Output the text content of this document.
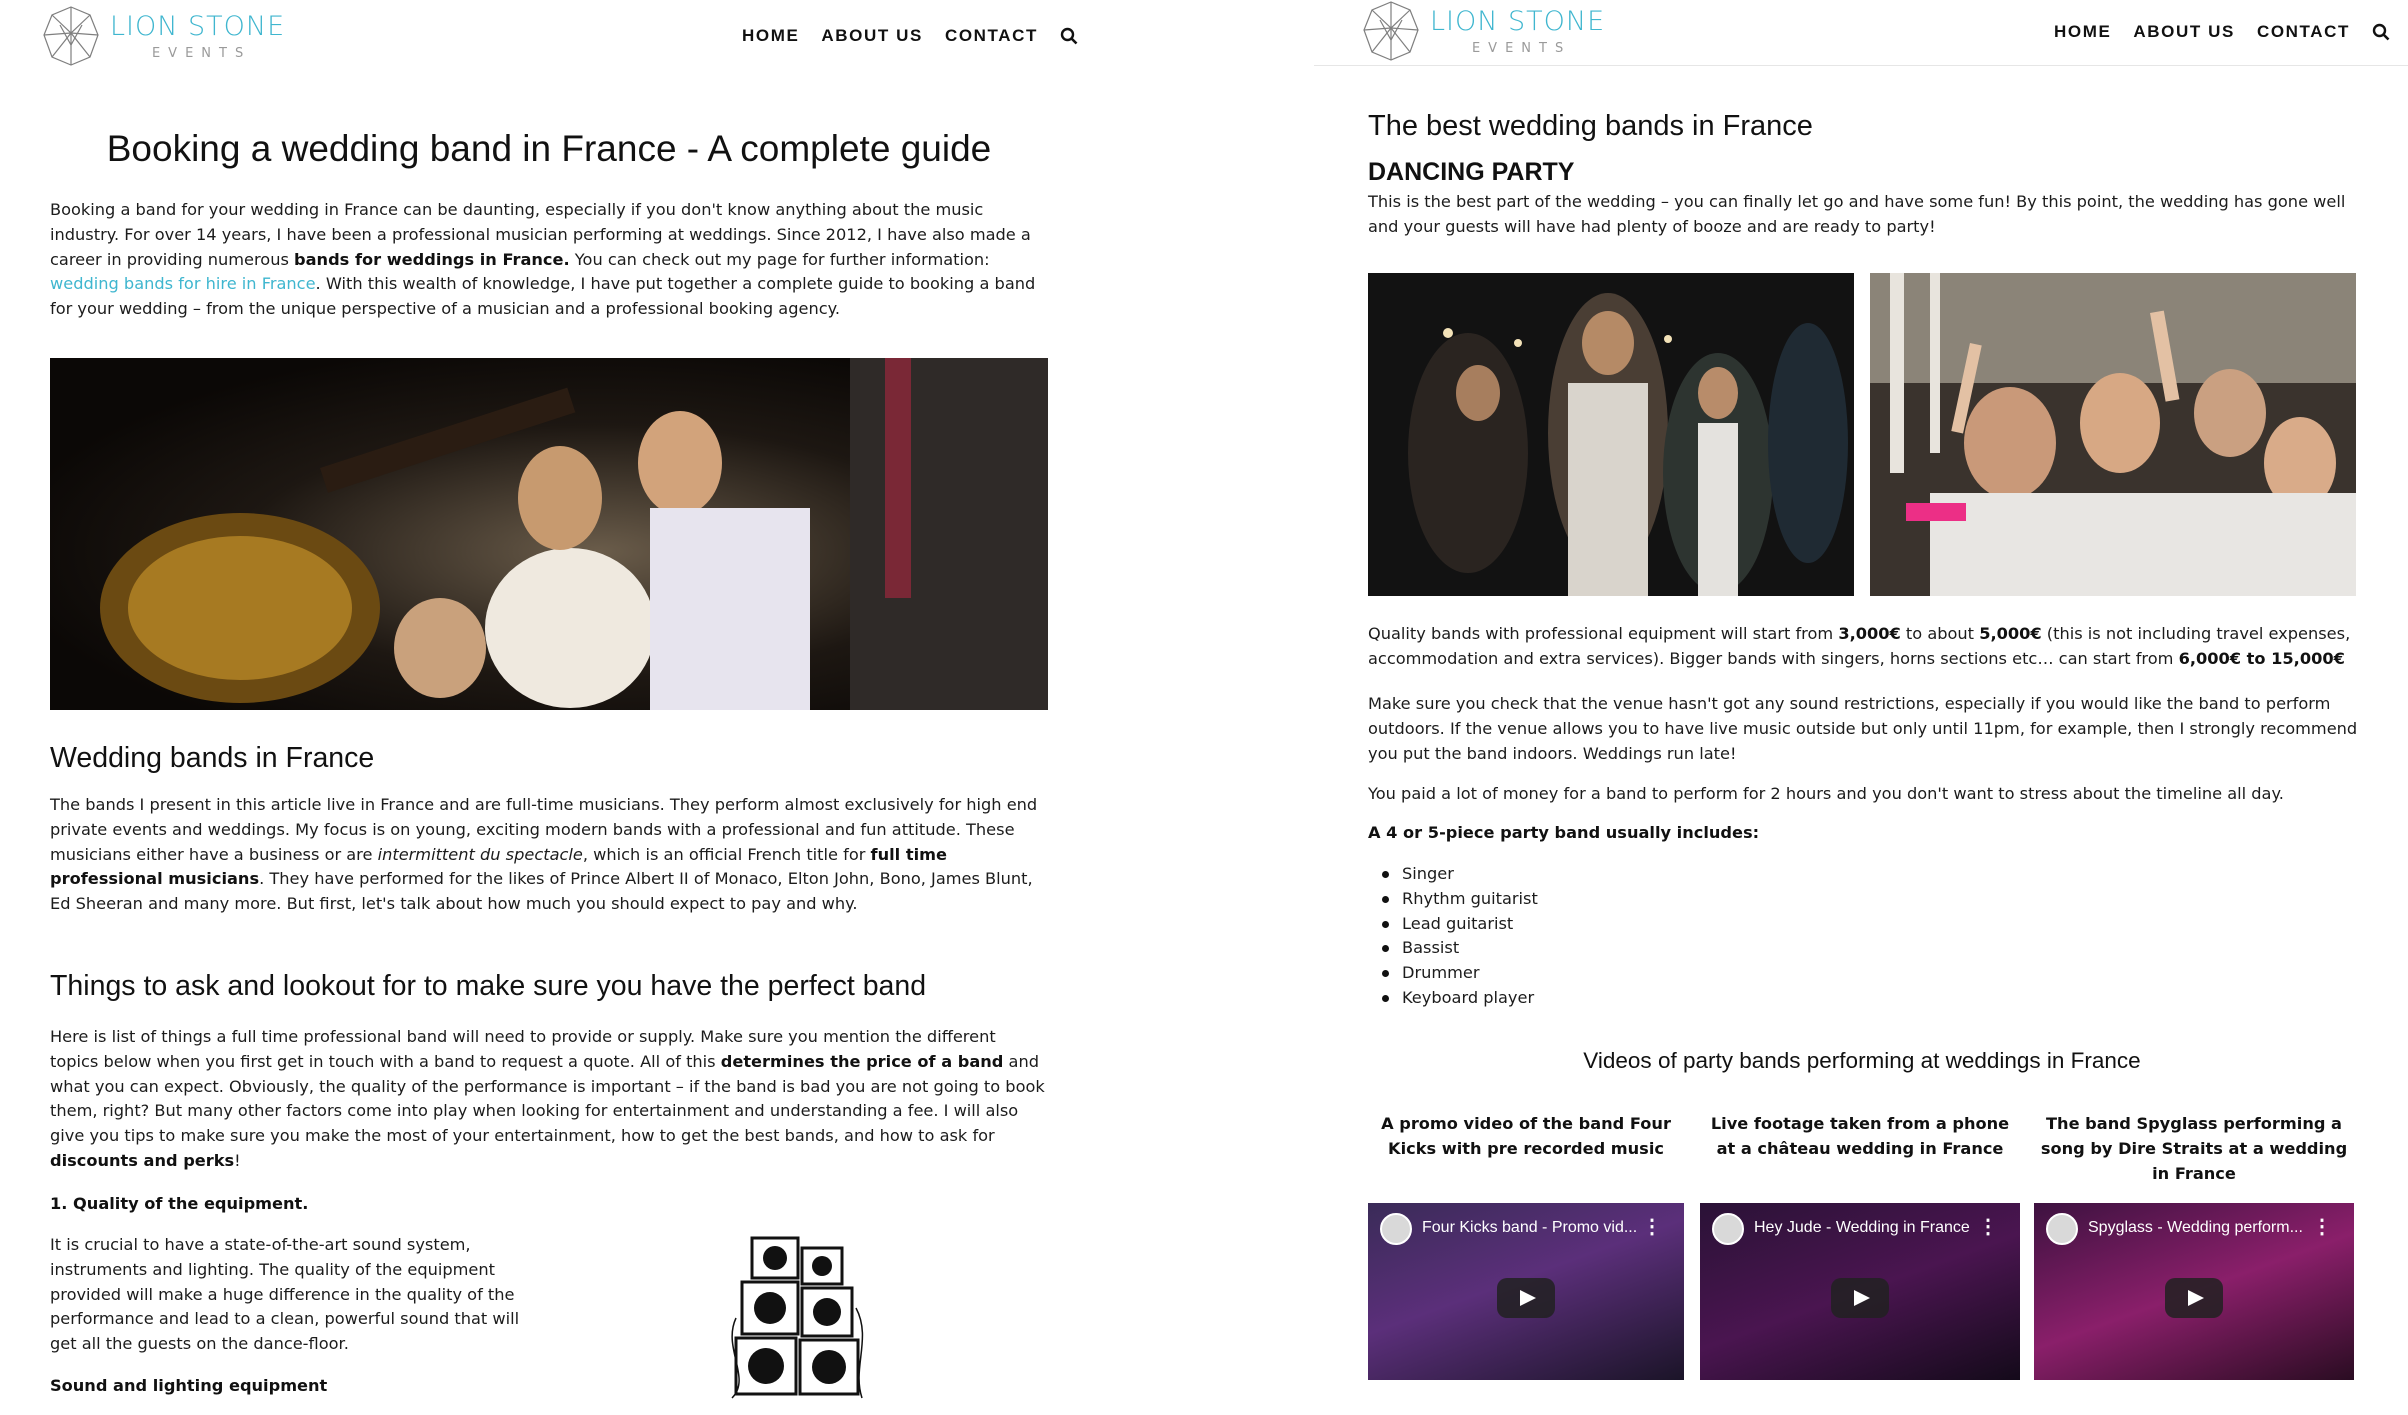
LION STONE
EVENTS
HOME ABOUT US CONTACT
Booking a wedding band in France - A complete guide

Booking a band for your wedding in France can be daunting, especially if you don't know anything about the music industry. For over 14 years, I have been a professional musician performing at weddings. Since 2012, I have also made a career in providing numerous bands for weddings in France. You can check out my page for further information: wedding bands for hire in France. With this wealth of knowledge, I have put together a complete guide to booking a band for your wedding – from the unique perspective of a musician and a professional booking agency.

Wedding bands in France

The bands I present in this article live in France and are full-time musicians. They perform almost exclusively for high end private events and weddings. My focus is on young, exciting modern bands with a professional and fun attitude. These musicians either have a business or are intermittent du spectacle, which is an official French title for full time professional musicians. They have performed for the likes of Prince Albert II of Monaco, Elton John, Bono, James Blunt, Ed Sheeran and many more. But first, let's talk about how much you should expect to pay and why.

Things to ask and lookout for to make sure you have the perfect band

Here is list of things a full time professional band will need to provide or supply. Make sure you mention the different topics below when you first get in touch with a band to request a quote. All of this determines the price of a band and what you can expect. Obviously, the quality of the performance is important – if the band is bad you are not going to book them, right? But many other factors come into play when looking for entertainment and understanding a fee. I will also give you tips to make sure you make the most of your entertainment, how to get the best bands, and how to ask for discounts and perks!

1. Quality of the equipment.

It is crucial to have a state-of-the-art sound system, instruments and lighting. The quality of the equipment provided will make a huge difference in the quality of the performance and lead to a clean, powerful sound that will get all the guests on the dance-floor.

Sound and lighting equipment
LION STONE
EVENTS
HOME ABOUT US CONTACT
The best wedding bands in France
DANCING PARTY

This is the best part of the wedding – you can finally let go and have some fun! By this point, the wedding has gone well and your guests will have had plenty of booze and are ready to party!

Quality bands with professional equipment will start from 3,000€ to about 5,000€ (this is not including travel expenses, accommodation and extra services). Bigger bands with singers, horns sections etc… can start from 6,000€ to 15,000€

Make sure you check that the venue hasn't got any sound restrictions, especially if you would like the band to perform outdoors. If the venue allows you to have live music outside but only until 11pm, for example, then I strongly recommend you put the band indoors. Weddings run late!

You paid a lot of money for a band to perform for 2 hours and you don't want to stress about the timeline all day.

A 4 or 5-piece party band usually includes:
Singer
Rhythm guitarist
Lead guitarist
Bassist
Drummer
Keyboard player
Videos of party bands performing at weddings in France
A promo video of the band Four Kicks with pre recorded music
Live footage taken from a phone at a château wedding in France
The band Spyglass performing a song by Dire Straits at a wedding in France
Four Kicks band - Promo vid... ⋮	Hey Jude - Wedding in France ⋮	Spyglass - Wedding perform... ⋮
